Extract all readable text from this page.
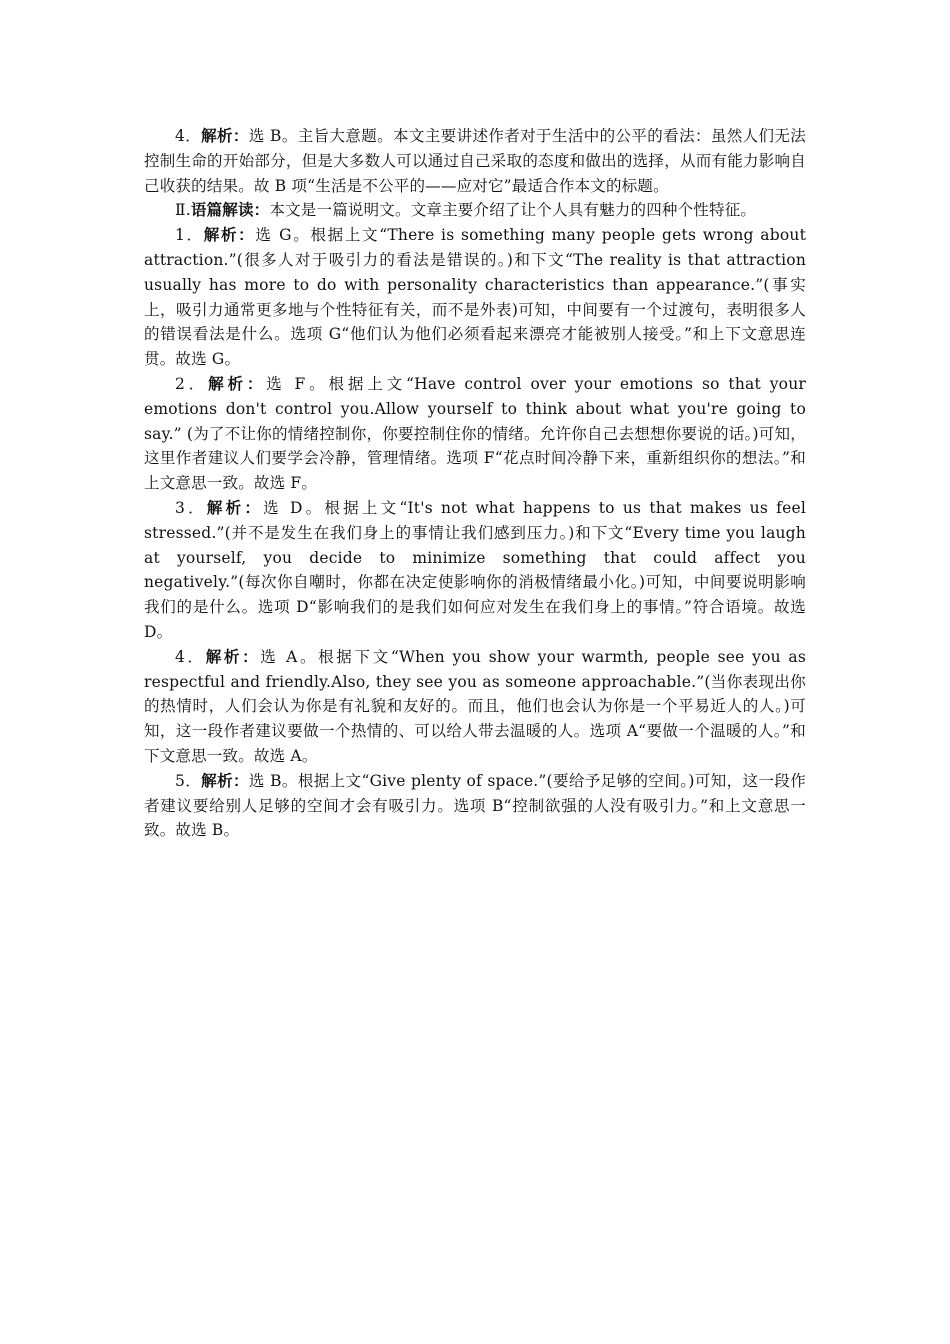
4．解析：选 B。主旨大意题。本文主要讲述作者对于生活中的公平的看法：虽然人们无法控制生命的开始部分，但是大多数人可以通过自己采取的态度和做出的选择，从而有能力影响自己收获的结果。故 B 项“生活是不公平的——应对它”最适合作本文的标题。

Ⅱ.语篇解读：本文是一篇说明文。文章主要介绍了让个人具有魅力的四种个性特征。

1．解析：选 G。根据上文“There is something many people gets wrong about attraction.”(很多人对于吸引力的看法是错误的。)和下文“The reality is that attraction usually has more to do with personality characteristics than appearance.”(事实上，吸引力通常更多地与个性特征有关，而不是外表)可知，中间要有一个过渡句，表明很多人的错误看法是什么。选项 G“他们认为他们必须看起来漂亮才能被别人接受。”和上下文意思连贯。故选 G。

2．解析：选 F。根据上文“Have control over your emotions so that your emotions don't control you.Allow yourself to think about what you're going to say.” (为了不让你的情绪控制你，你要控制住你的情绪。允许你自己去想想你要说的话。)可知，这里作者建议人们要学会冷静，管理情绪。选项 F“花点时间冷静下来，重新组织你的想法。”和上文意思一致。故选 F。

3．解析：选 D。根据上文“It's not what happens to us that makes us feel stressed.”(并不是发生在我们身上的事情让我们感到压力。)和下文“Every time you laugh at yourself, you decide to minimize something that could affect you negatively.”(每次你自嘲时，你都在决定使影响你的消极情绪最小化。)可知，中间要说明影响我们的是什么。选项 D“影响我们的是我们如何应对发生在我们身上的事情。”符合语境。故选 D。

4．解析：选 A。根据下文“When you show your warmth, people see you as respectful and friendly.Also, they see you as someone approachable.”(当你表现出你的热情时，人们会认为你是有礼貌和友好的。而且，他们也会认为你是一个平易近人的人。)可知，这一段作者建议要做一个热情的、可以给人带去温暖的人。选项 A“要做一个温暖的人。”和下文意思一致。故选 A。

5．解析：选 B。根据上文“Give plenty of space.”(要给予足够的空间。)可知，这一段作者建议要给别人足够的空间才会有吸引力。选项 B“控制欲强的人没有吸引力。”和上文意思一致。故选 B。
